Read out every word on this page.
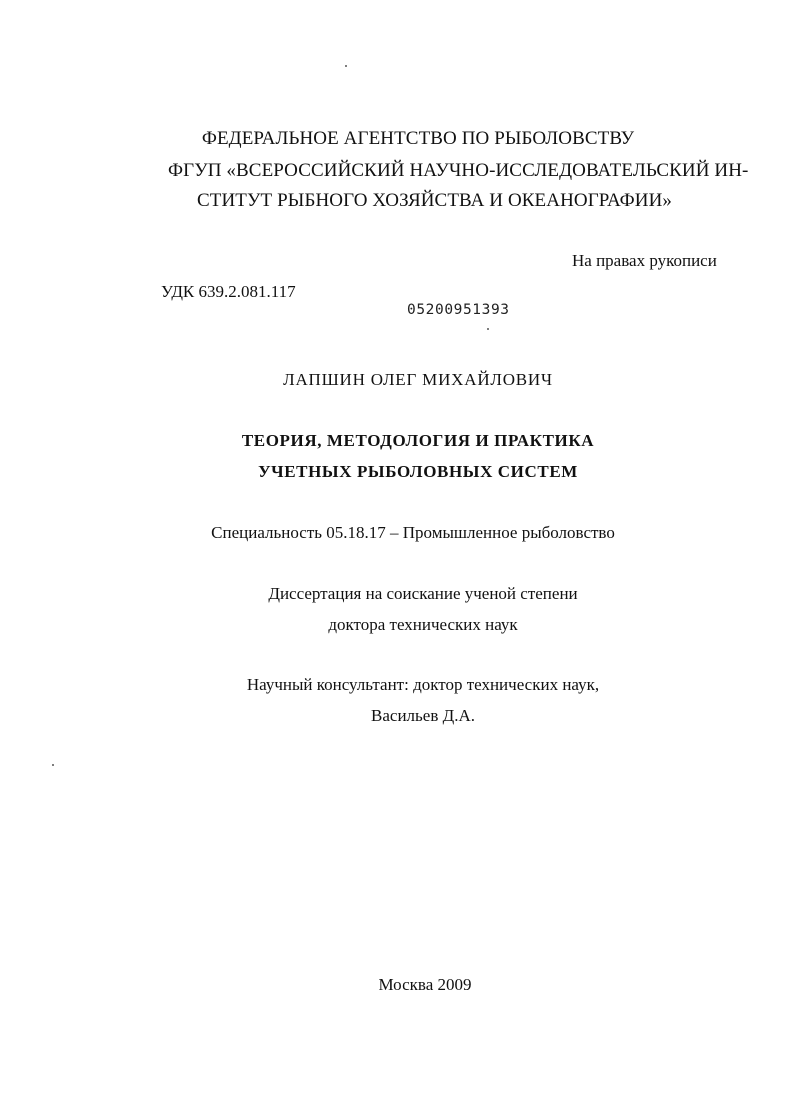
ФЕДЕРАЛЬНОЕ АГЕНТСТВО ПО РЫБОЛОВСТВУ
ФГУП «ВСЕРОССИЙСКИЙ НАУЧНО-ИССЛЕДОВАТЕЛЬСКИЙ ИН-
СТИТУТ РЫБНОГО ХОЗЯЙСТВА И ОКЕАНОГРАФИИ»
На правах рукописи
УДК 639.2.081.117
05200951393
ЛАПШИН ОЛЕГ МИХАЙЛОВИЧ
ТЕОРИЯ, МЕТОДОЛОГИЯ И ПРАКТИКА
УЧЕТНЫХ РЫБОЛОВНЫХ СИСТЕМ
Специальность 05.18.17 – Промышленное рыболовство
Диссертация на соискание ученой степени
доктора технических наук
Научный консультант: доктор технических наук,
Васильев Д.А.
Москва 2009
